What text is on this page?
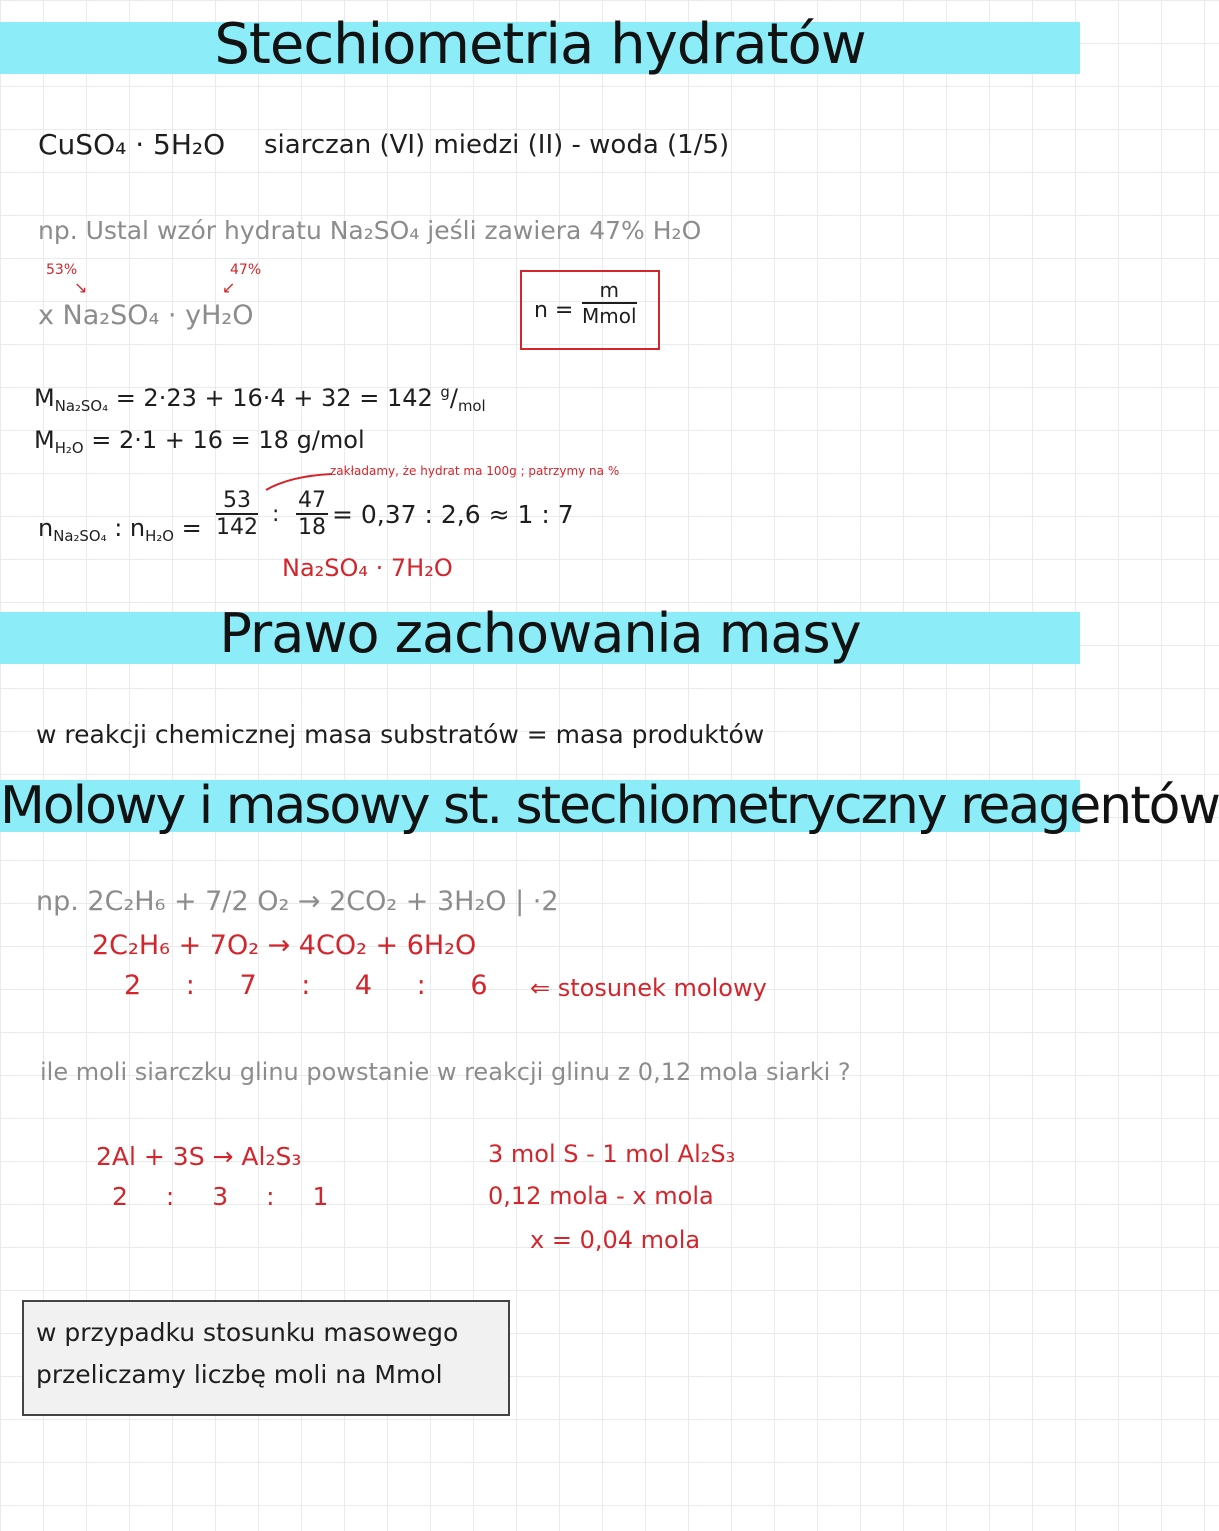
Stechiometria hydratów
CuSO₄ · 5H₂O siarczan (VI) miedzi (II) - woda (1/5)
np. Ustal wzór hydratu Na₂SO₄ jeśli zawiera 47% H₂O
53%
↘
47%
↙
x Na₂SO₄ · yH₂O	n =
m
Mmol
$M_{Na_2SO_4} = 2\cdot 23 + 16\cdot 4 + 32 = 142$ $^g/_{mol}$
$M_{H_2O} = 2\cdot 1 + 16 = 18$ g/mol
zakładamy, że hydrat ma 100g ; patrzymy na %
$n_{Na_2SO_4}$ : $n_{H_2O} = \frac{53}{142}$ : $\frac{47}{18} = 0,37$ : 2,6 ≈ 1 : 7
Na₂SO₄ · 7H₂O
Prawo zachowania masy
w reakcji chemicznej masa substratów = masa produktów
Molowy i masowy st. stechiometryczny reagentów
np. 2C₂H₆ + 7/2 O₂ → 2CO₂ + 3H₂O | ·2
2C₂H₆ + 7O₂ → 4CO₂ + 6H₂O
2 : 7 : 4 : 6 ⇐ stosunek molowy
ile moli siarczku glinu powstanie w reakcji glinu z 0,12 mola siarki ?
2Al + 3S → Al₂S₃
2 : 3 : 1
3 mol S - 1 mol Al₂S₃
0,12 mola - x mola
x = 0,04 mola
w przypadku stosunku masowego
przeliczamy liczbę moli na Mmol
